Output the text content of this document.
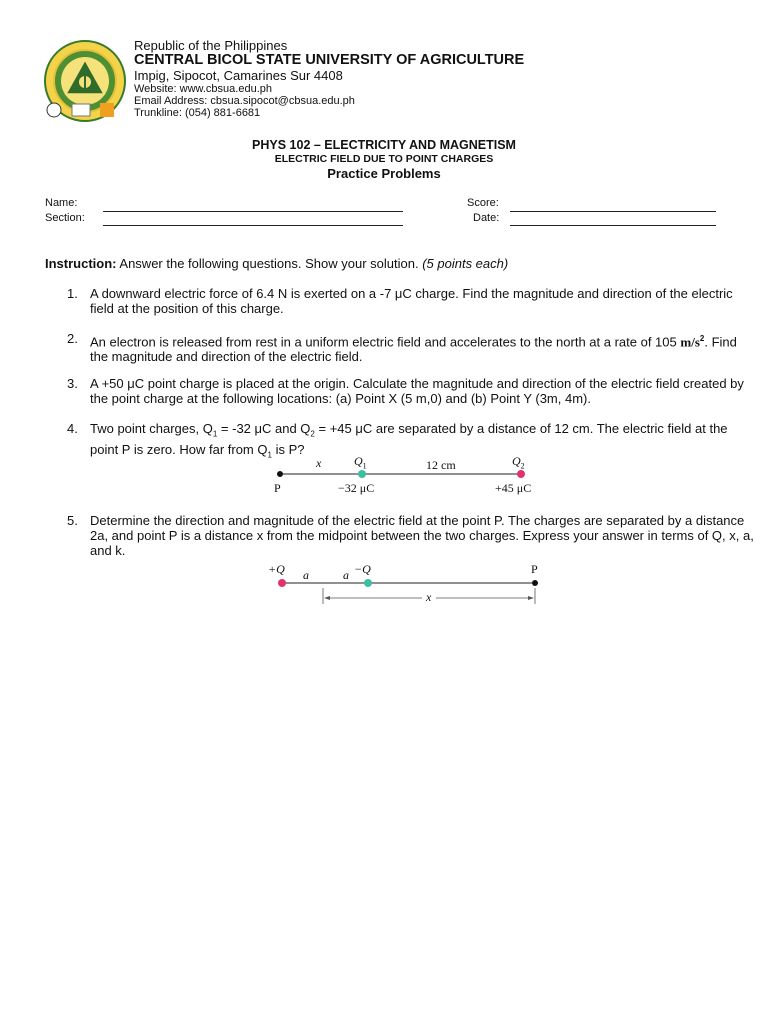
Republic of the Philippines
CENTRAL BICOL STATE UNIVERSITY OF AGRICULTURE
Impig, Sipocot, Camarines Sur 4408
Website: www.cbsua.edu.ph
Email Address: cbsua.sipocot@cbsua.edu.ph
Trunkline: (054) 881-6681
PHYS 102 – ELECTRICITY AND MAGNETISM
ELECTRIC FIELD DUE TO POINT CHARGES
Practice Problems
Name:
Section:
Score:
Date:
Instruction: Answer the following questions. Show your solution. (5 points each)
1. A downward electric force of 6.4 N is exerted on a -7 μC charge. Find the magnitude and direction of the electric field at the position of this charge.
2. An electron is released from rest in a uniform electric field and accelerates to the north at a rate of 105 $m/s^2$. Find the magnitude and direction of the electric field.
3. A +50 μC point charge is placed at the origin. Calculate the magnitude and direction of the electric field created by the point charge at the following locations: (a) Point X (5 m,0) and (b) Point Y (3m, 4m).
4. Two point charges, $Q_1 = -32$ μC and $Q_2 = +45$ μC are separated by a distance of 12 cm. The electric field at the point P is zero. How far from $Q_1$ is P?
x	$Q_1$	12 cm	$Q_2$
P	−32 μC	+45 μC
5. Determine the direction and magnitude of the electric field at the point P. The charges are separated by a distance 2a, and point P is a distance x from the midpoint between the two charges. Express your answer in terms of Q, x, a, and k.
+Q a	a −Q	P
x
